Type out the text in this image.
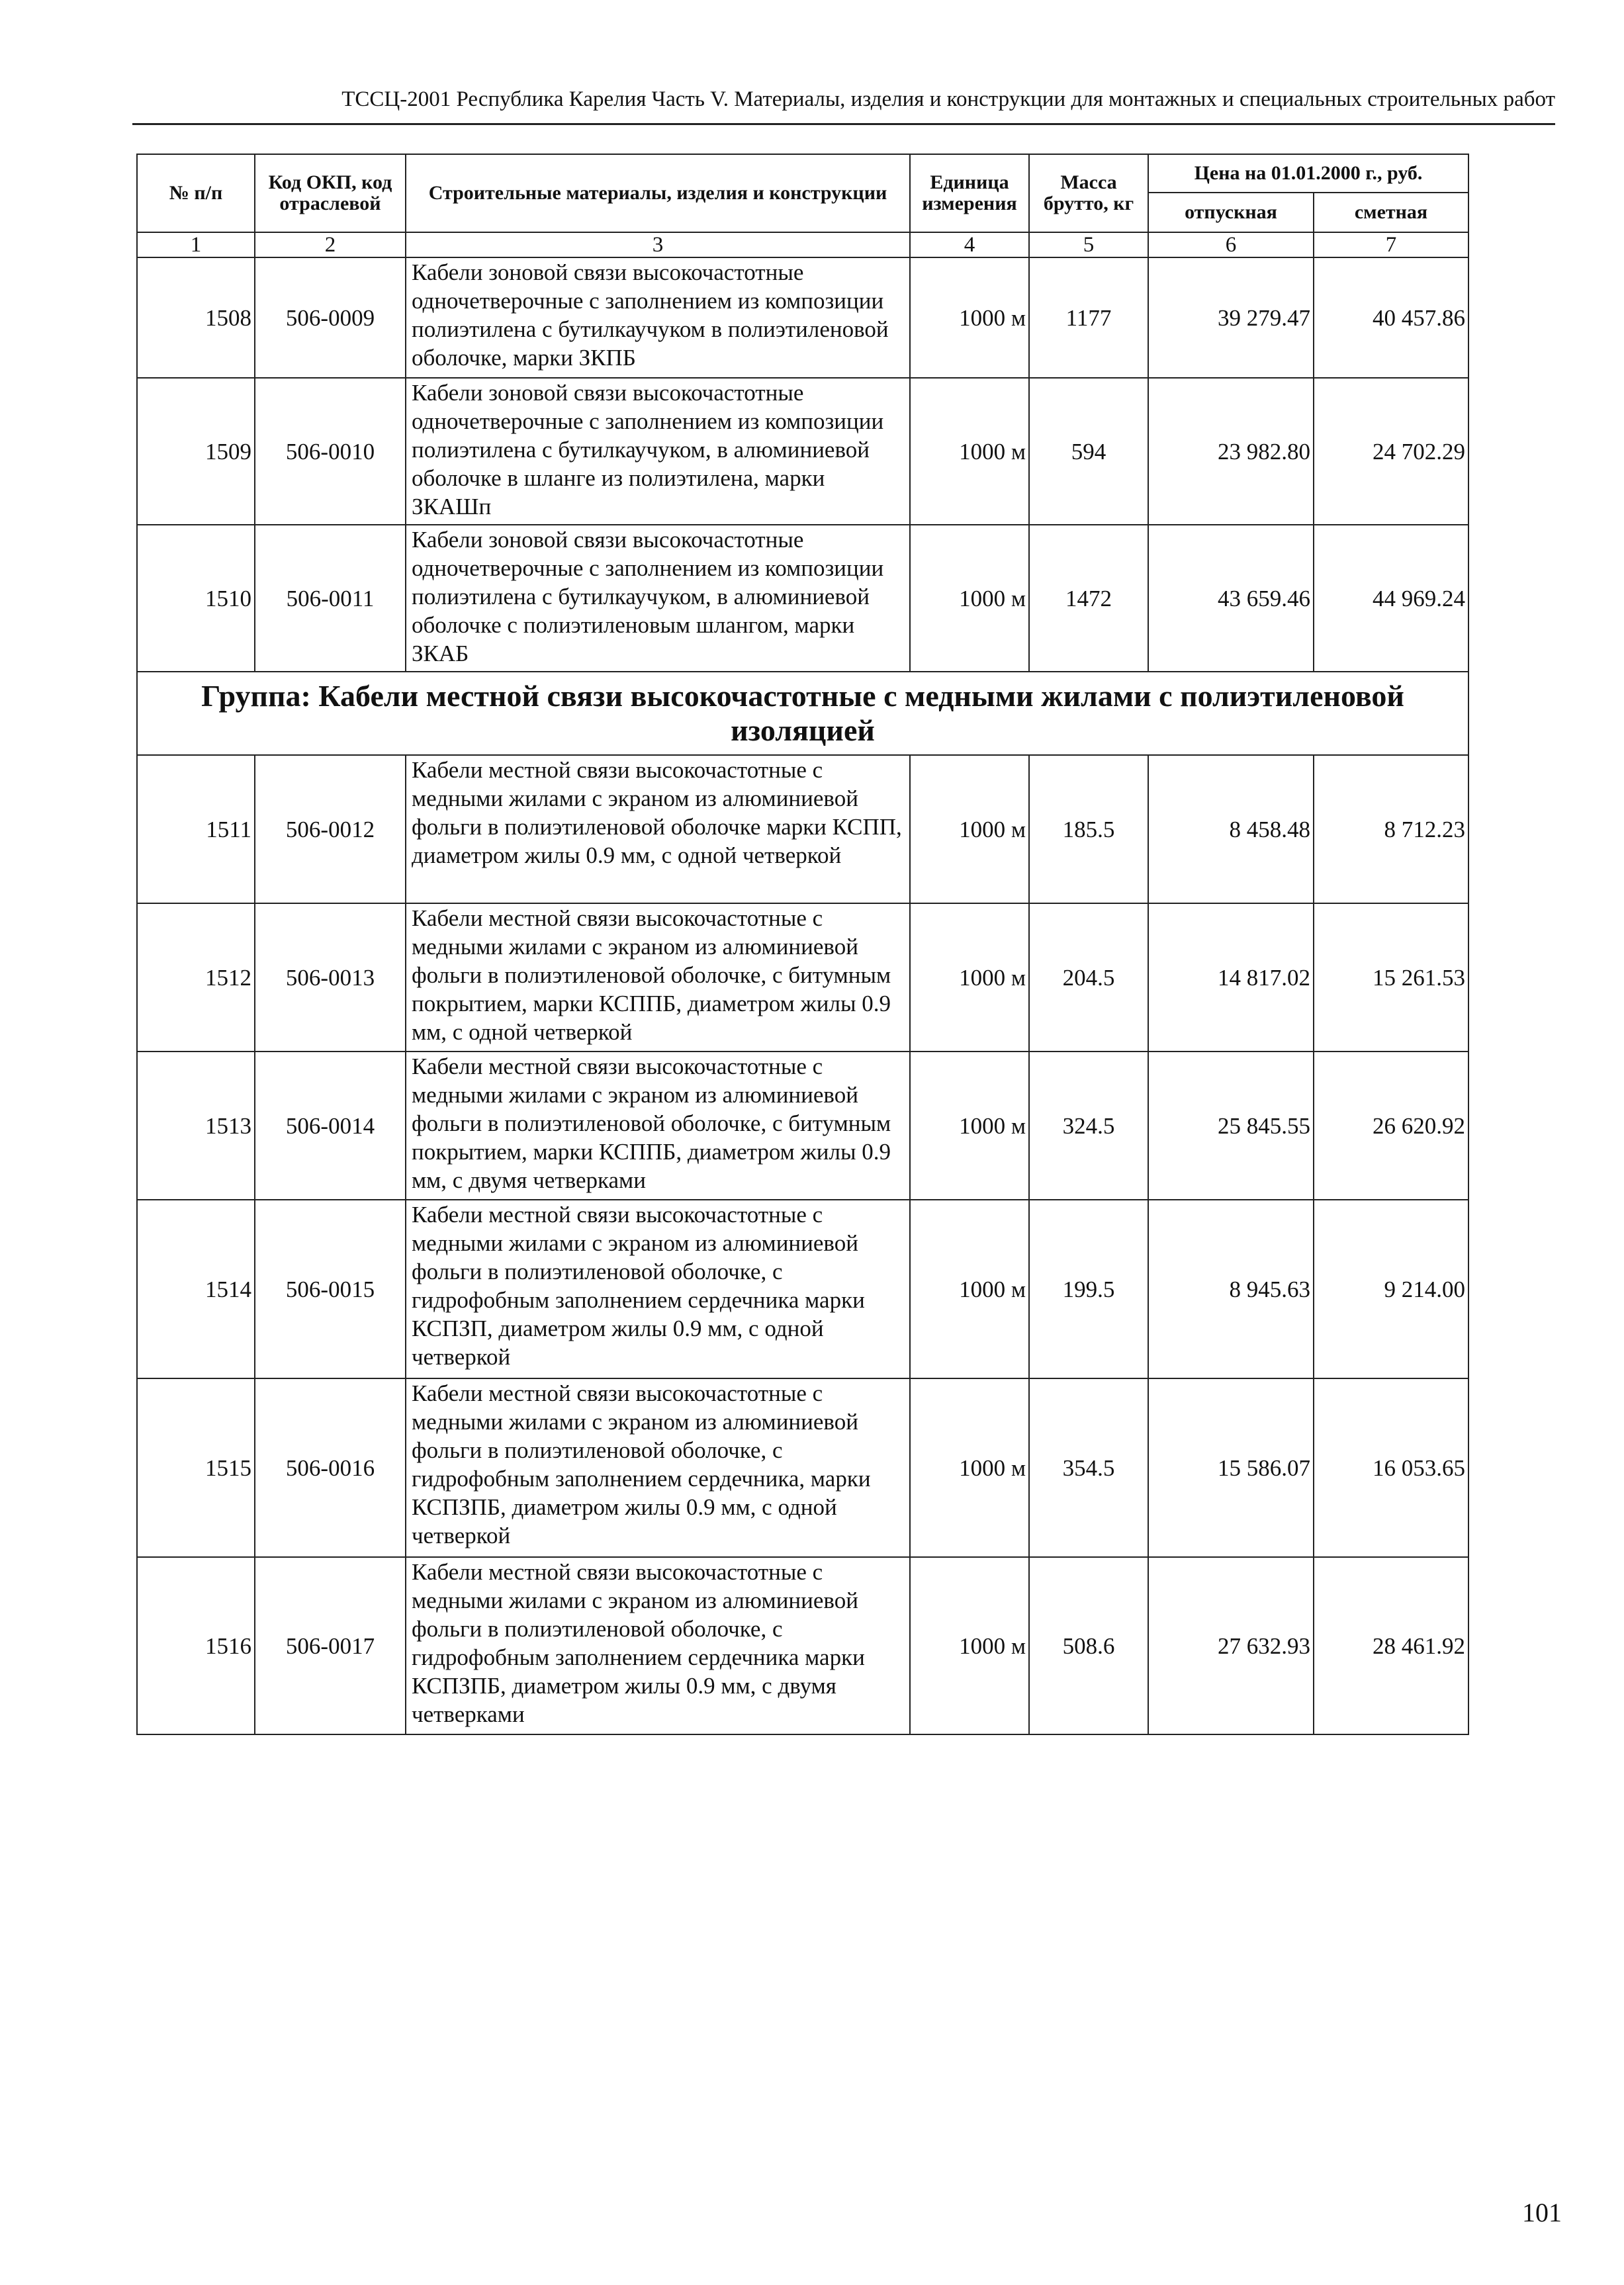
ТССЦ-2001 Республика Карелия Часть V. Материалы, изделия и конструкции для монтажных и специальных строительных работ
№ п/п	Код ОКП, код отраслевой	Строительные материалы, изделия и конструкции	Единица измерения	Масса брутто, кг	Цена на 01.01.2000 г., руб.	
					отпускная	сметная
1	2	3	4	5	6	7
1508	506-0009	Кабели зоновой связи высокочастотные одночетверочные с заполнением из композиции полиэтилена с бутилкаучуком в полиэтиленовой оболочке, марки ЗКПБ	1000 м	1177	39 279.47	40 457.86
1509	506-0010	Кабели зоновой связи высокочастотные одночетверочные с заполнением из композиции полиэтилена с бутилкаучуком, в алюминиевой оболочке в шланге из полиэтилена, марки ЗКАШп	1000 м	594	23 982.80	24 702.29
1510	506-0011	Кабели зоновой связи высокочастотные одночетверочные с заполнением из композиции полиэтилена с бутилкаучуком, в алюминиевой оболочке с полиэтиленовым шлангом, марки ЗКАБ	1000 м	1472	43 659.46	44 969.24
Группа: Кабели местной связи высокочастотные с медными жилами с полиэтиленовой изоляцией						
1511	506-0012	Кабели местной связи высокочастотные с медными жилами с экраном из алюминиевой фольги в полиэтиленовой оболочке марки КСПП, диаметром жилы 0.9 мм, с одной четверкой	1000 м	185.5	8 458.48	8 712.23
1512	506-0013	Кабели местной связи высокочастотные с медными жилами с экраном из алюминиевой фольги в полиэтиленовой оболочке, с битумным покрытием, марки КСППБ, диаметром жилы 0.9 мм, с одной четверкой	1000 м	204.5	14 817.02	15 261.53
1513	506-0014	Кабели местной связи высокочастотные с медными жилами с экраном из алюминиевой фольги в полиэтиленовой оболочке, с битумным покрытием, марки КСППБ, диаметром жилы 0.9 мм, с двумя четверками	1000 м	324.5	25 845.55	26 620.92
1514	506-0015	Кабели местной связи высокочастотные с медными жилами с экраном из алюминиевой фольги в полиэтиленовой оболочке, с гидрофобным заполнением сердечника марки КСПЗП, диаметром жилы 0.9 мм, с одной четверкой	1000 м	199.5	8 945.63	9 214.00
1515	506-0016	Кабели местной связи высокочастотные с медными жилами с экраном из алюминиевой фольги в полиэтиленовой оболочке, с гидрофобным заполнением сердечника, марки КСПЗПБ, диаметром жилы 0.9 мм, с одной четверкой	1000 м	354.5	15 586.07	16 053.65
1516	506-0017	Кабели местной связи высокочастотные с медными жилами с экраном из алюминиевой фольги в полиэтиленовой оболочке, с гидрофобным заполнением сердечника марки КСПЗПБ, диаметром жилы 0.9 мм, с двумя четверками	1000 м	508.6	27 632.93	28 461.92
101
